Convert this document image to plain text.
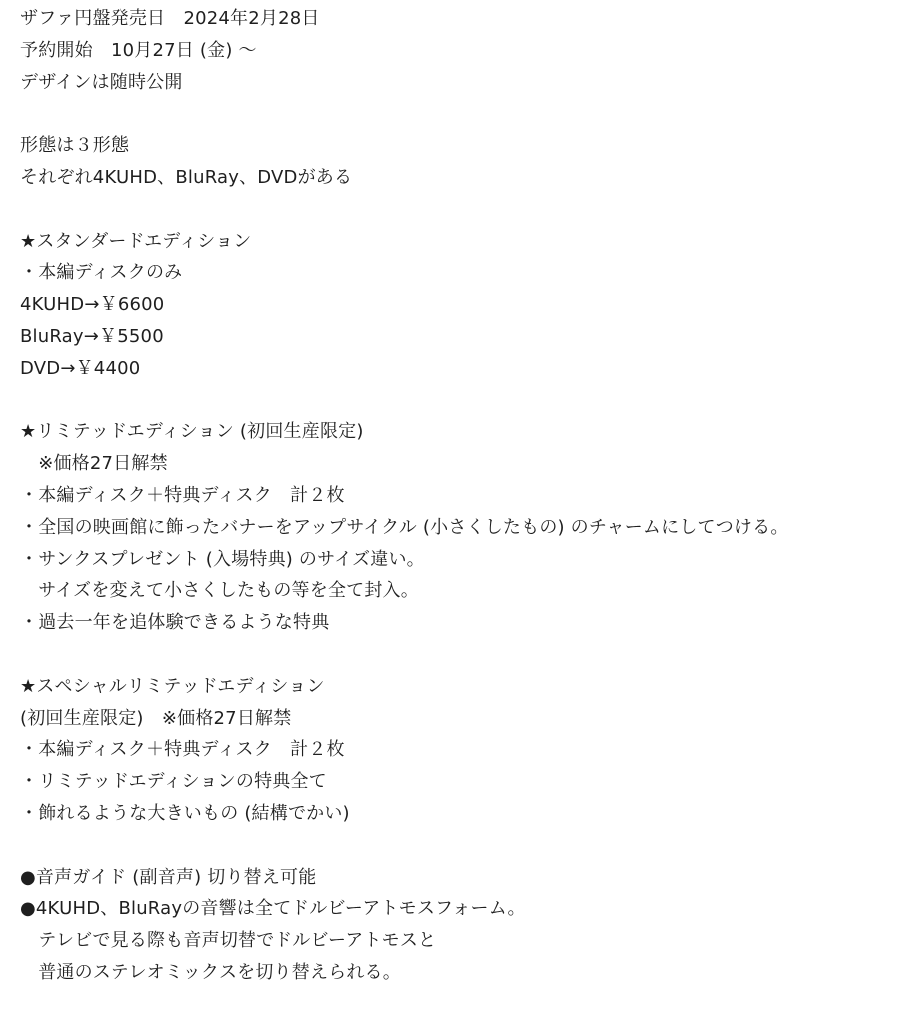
ザファ円盤発売日　2024年2月28日
予約開始　10月27日 (金) ～
デザインは随時公開
形態は３形態
それぞれ4KUHD、BluRay、DVDがある
★スタンダードエディション
・本編ディスクのみ
4KUHD→￥6600
BluRay→￥5500
DVD→￥4400
★リミテッドエディション (初回生産限定)
　※価格27日解禁
・本編ディスク＋特典ディスク　計２枚
・全国の映画館に飾ったバナーをアップサイクル (小さくしたもの) のチャームにしてつける。
・サンクスプレゼント (入場特典) のサイズ違い。
　サイズを変えて小さくしたもの等を全て封入。
・過去一年を追体験できるような特典
★スペシャルリミテッドエディション
(初回生産限定)　※価格27日解禁
・本編ディスク＋特典ディスク　計２枚
・リミテッドエディションの特典全て
・飾れるような大きいもの (結構でかい)
●音声ガイド (副音声) 切り替え可能
●4KUHD、BluRayの音響は全てドルビーアトモスフォーム。
　テレビで見る際も音声切替でドルビーアトモスと
　普通のステレオミックスを切り替えられる。
